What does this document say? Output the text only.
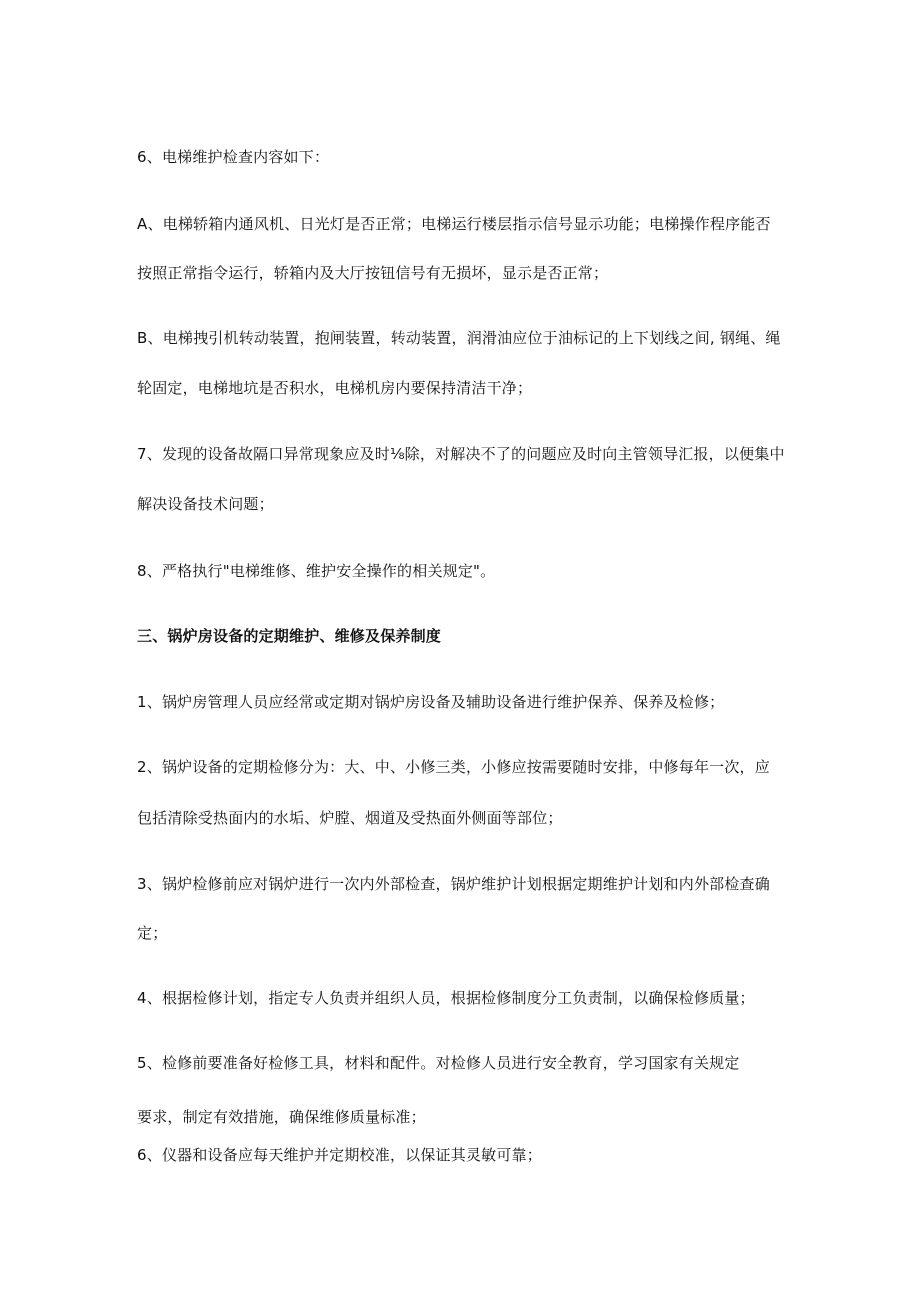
6、电梯维护检查内容如下：
A、电梯轿箱内通风机、日光灯是否正常；电梯运行楼层指示信号显示功能；电梯操作程序能否
按照正常指令运行，轿箱内及大厅按钮信号有无损坏，显示是否正常；
B、电梯拽引机转动装置，抱闸装置，转动装置，润滑油应位于油标记的上下划线之间, 钢绳、绳
轮固定，电梯地坑是否积水，电梯机房内要保持清洁干净；
7、发现的设备故隔口异常现象应及时⅛除，对解决不了的问题应及时向主管领导汇报，以便集中
解决设备技术问题；
8、严格执行"电梯维修、维护安全操作的相关规定"。
三、锅炉房设备的定期维护、维修及保养制度
1、锅炉房管理人员应经常或定期对锅炉房设备及辅助设备进行维护保养、保养及检修；
2、锅炉设备的定期检修分为：大、中、小修三类，小修应按需要随时安排，中修每年一次，应
包括清除受热面内的水垢、炉膛、烟道及受热面外侧面等部位；
3、锅炉检修前应对锅炉进行一次内外部检查，锅炉维护计划根据定期维护计划和内外部检查确
定；
4、根据检修计划，指定专人负责并组织人员，根据检修制度分工负责制，以确保检修质量；
5、检修前要准备好检修工具，材料和配件。对检修人员进行安全教育，学习国家有关规定
要求，制定有效措施，确保维修质量标准；
6、仪器和设备应每天维护并定期校准，以保证其灵敏可靠；
